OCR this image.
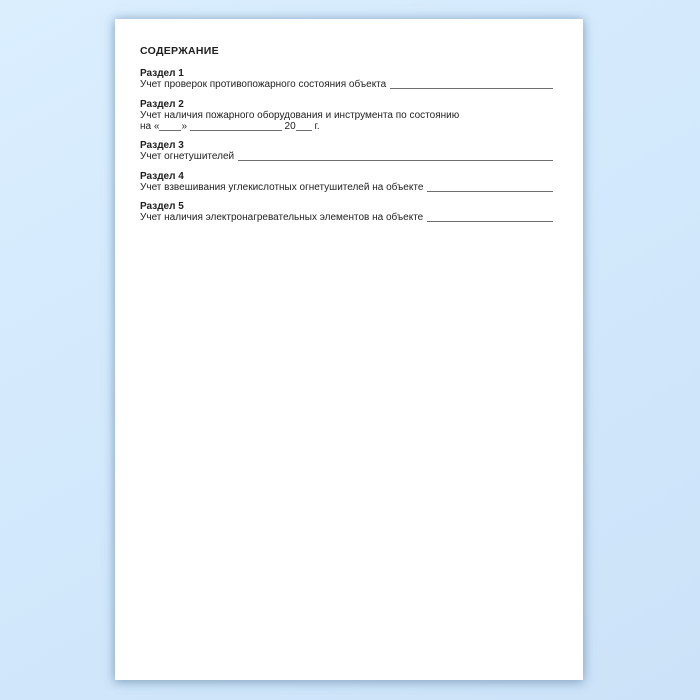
СОДЕРЖАНИЕ
Раздел 1
Учет проверок противопожарного состояния объекта
Раздел 2
Учет наличия пожарного оборудования и инструмента по состоянию
на « »	20 г.
Раздел 3
Учет огнетушителей
Раздел 4
Учет взвешивания углекислотных огнетушителей на объекте
Раздел 5
Учет наличия электронагревательных элементов на объекте
